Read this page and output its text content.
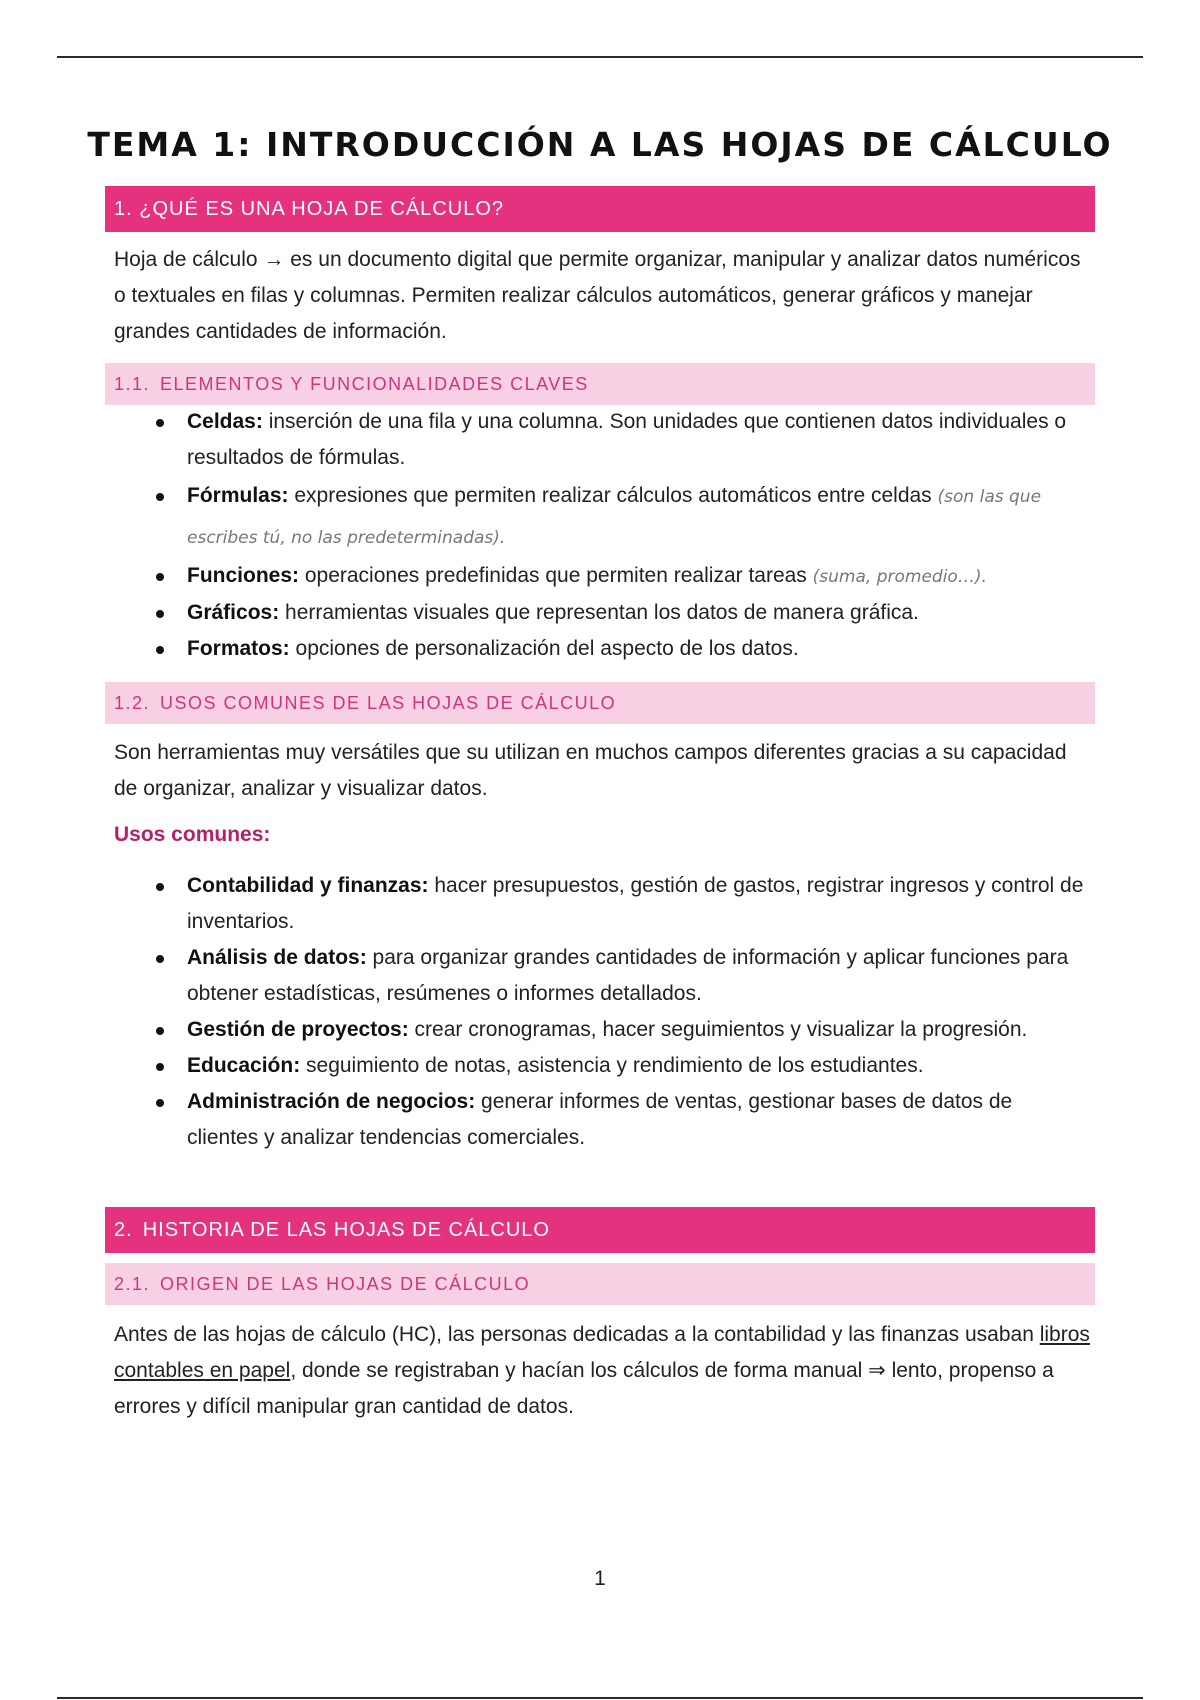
TEMA 1: INTRODUCCIÓN A LAS HOJAS DE CÁLCULO
1. ¿QUÉ ES UNA HOJA DE CÁLCULO?
Hoja de cálculo → es un documento digital que permite organizar, manipular y analizar datos numéricos o textuales en filas y columnas. Permiten realizar cálculos automáticos, generar gráficos y manejar grandes cantidades de información.
1.1. ELEMENTOS Y FUNCIONALIDADES CLAVES
Celdas: inserción de una fila y una columna. Son unidades que contienen datos individuales o resultados de fórmulas.
Fórmulas: expresiones que permiten realizar cálculos automáticos entre celdas (son las que escribes tú, no las predeterminadas).
Funciones: operaciones predefinidas que permiten realizar tareas (suma, promedio…).
Gráficos: herramientas visuales que representan los datos de manera gráfica.
Formatos: opciones de personalización del aspecto de los datos.
1.2. USOS COMUNES DE LAS HOJAS DE CÁLCULO
Son herramientas muy versátiles que su utilizan en muchos campos diferentes gracias a su capacidad de organizar, analizar y visualizar datos.
Usos comunes:
Contabilidad y finanzas: hacer presupuestos, gestión de gastos, registrar ingresos y control de inventarios.
Análisis de datos: para organizar grandes cantidades de información y aplicar funciones para obtener estadísticas, resúmenes o informes detallados.
Gestión de proyectos: crear cronogramas, hacer seguimientos y visualizar la progresión.
Educación: seguimiento de notas, asistencia y rendimiento de los estudiantes.
Administración de negocios: generar informes de ventas, gestionar bases de datos de clientes y analizar tendencias comerciales.
2. HISTORIA DE LAS HOJAS DE CÁLCULO
2.1. ORIGEN DE LAS HOJAS DE CÁLCULO
Antes de las hojas de cálculo (HC), las personas dedicadas a la contabilidad y las finanzas usaban libros contables en papel, donde se registraban y hacían los cálculos de forma manual ⇒ lento, propenso a errores y difícil manipular gran cantidad de datos.
1
